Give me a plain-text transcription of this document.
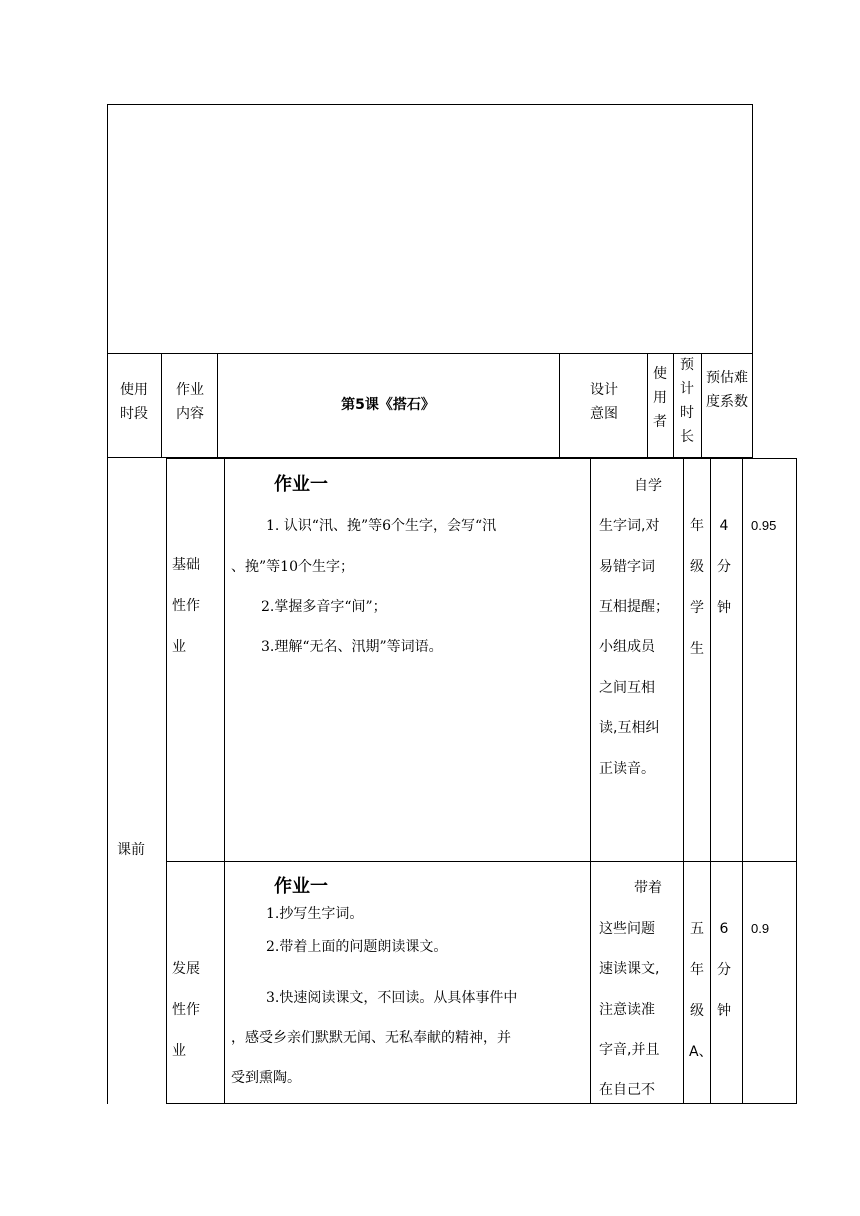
使用时段
作业内容
第5课《搭石》
设计意图
使用者
预计时长
预估难度系数
课前
基础性作业
作业一
1. 认识“汛、挽”等6个生字，会写“汛
、挽”等10个生字；
2.掌握多音字“间”；
3.理解“无名、汛期”等词语。
自学
生字词,对
易错字词
互相提醒；
小组成员
之间互相
读,互相纠
正读音。
年级学生
4分钟
0.95
发展性作业
作业一
1.抄写生字词。
2.带着上面的问题朗读课文。
3.快速阅读课文，不回读。从具体事件中
，感受乡亲们默默无闻、无私奉献的精神，并
受到熏陶。
带着
这些问题
速读课文,
注意读准
字音,并且
在自己不
五年级A、
6分钟
0.9
